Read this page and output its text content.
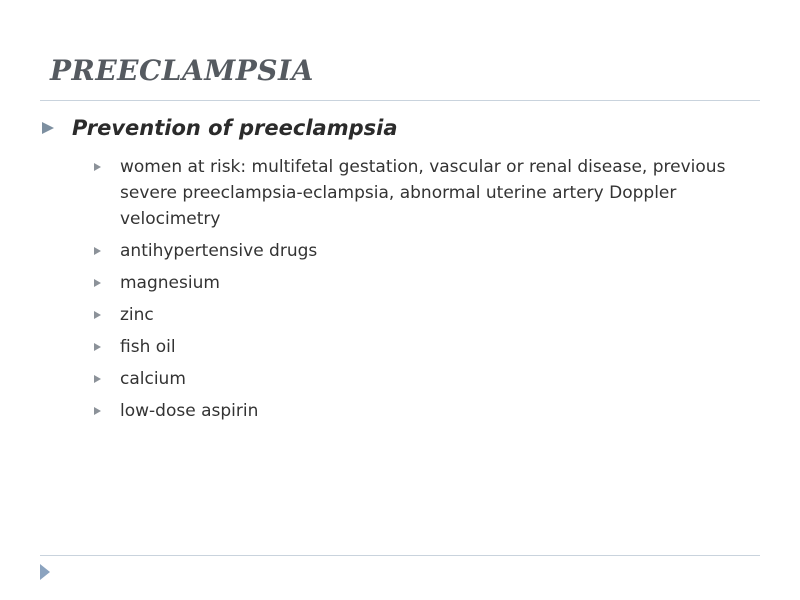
PREECLAMPSIA
Prevention of preeclampsia
women at risk: multifetal gestation, vascular or renal disease, previous severe preeclampsia-eclampsia, abnormal uterine artery Doppler velocimetry
antihypertensive drugs
magnesium
zinc
fish oil
calcium
low-dose aspirin
